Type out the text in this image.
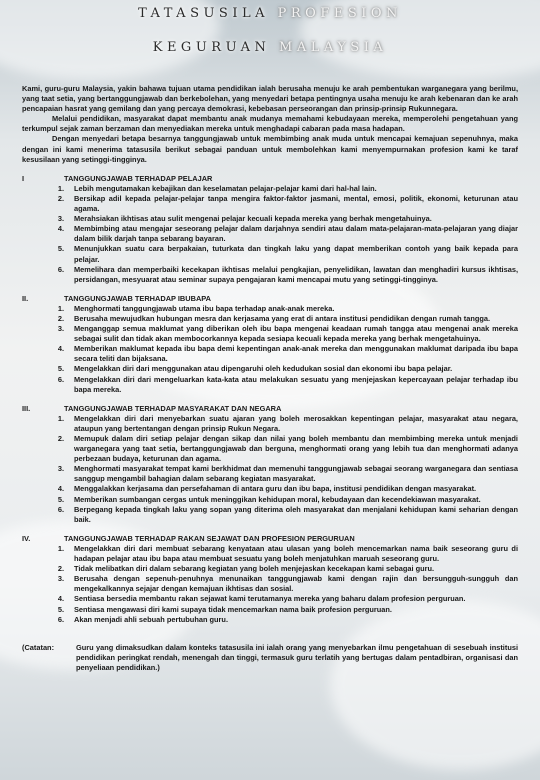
TATASUSILA PROFESION
KEGURUAN MALAYSIA

Kami, guru-guru Malaysia, yakin bahawa tujuan utama pendidikan ialah berusaha menuju ke arah pembentukan warganegara yang berilmu, yang taat setia, yang bertanggungjawab dan berkebolehan, yang menyedari betapa pentingnya usaha menuju ke arah kebenaran dan ke arah pencapaian hasrat yang gemilang dan yang percaya demokrasi, kebebasan perseorangan dan prinsip-prinsip Rukunnegara.

Melalui pendidikan, masyarakat dapat membantu anak mudanya memahami kebudayaan mereka, memperolehi pengetahuan yang terkumpul sejak zaman berzaman dan menyediakan mereka untuk menghadapi cabaran pada masa hadapan.

Dengan menyedari betapa besarnya tanggungjawab untuk membimbing anak muda untuk mencapai kemajuan sepenuhnya, maka dengan ini kami menerima tatasusila berikut sebagai panduan untuk membolehkan kami menyempurnakan profesion kami ke taraf kesusilaan yang setinggi-tingginya.

I	TANGGUNGJAWAB TERHADAP PELAJAR
1.	Lebih mengutamakan kebajikan dan keselamatan pelajar-pelajar kami dari hal-hal lain.
2.	Bersikap adil kepada pelajar-pelajar tanpa mengira faktor-faktor jasmani, mental, emosi, politik, ekonomi, keturunan atau agama.
3.	Merahsiakan ikhtisas atau sulit mengenai pelajar kecuali kepada mereka yang berhak mengetahuinya.
4.	Membimbing atau mengajar seseorang pelajar dalam darjahnya sendiri atau dalam mata-pelajaran-mata-pelajaran yang diajar dalam bilik darjah tanpa sebarang bayaran.
5.	Menunjukkan suatu cara berpakaian, tuturkata dan tingkah laku yang dapat memberikan contoh yang baik kepada para pelajar.
6.	Memelihara dan memperbaiki kecekapan ikhtisas melalui pengkajian, penyelidikan, lawatan dan menghadiri kursus ikhtisas, persidangan, mesyuarat atau seminar supaya pengajaran kami mencapai mutu yang setinggi-tingginya.
II.	TANGGUNGJAWAB TERHADAP IBUBAPA
1.	Menghormati tanggungjawab utama ibu bapa terhadap anak-anak mereka.
2.	Berusaha mewujudkan hubungan mesra dan kerjasama yang erat di antara institusi pendidikan dengan rumah tangga.
3.	Menganggap semua maklumat yang diberikan oleh ibu bapa mengenai keadaan rumah tangga atau mengenai anak mereka sebagai sulit dan tidak akan membocorkannya kepada sesiapa kecuali kepada mereka yang berhak mengetahuinya.
4.	Memberikan maklumat kepada ibu bapa demi kepentingan anak-anak mereka dan menggunakan maklumat daripada ibu bapa secara teliti dan bijaksana.
5.	Mengelakkan diri dari menggunakan atau dipengaruhi oleh kedudukan sosial dan ekonomi ibu bapa pelajar.
6.	Mengelakkan diri dari mengeluarkan kata-kata atau melakukan sesuatu yang menjejaskan kepercayaan pelajar terhadap ibu bapa mereka.
III.	TANGGUNGJAWAB TERHADAP MASYARAKAT DAN NEGARA
1.	Mengelakkan diri dari menyebarkan suatu ajaran yang boleh merosakkan kepentingan pelajar, masyarakat atau negara, ataupun yang bertentangan dengan prinsip Rukun Negara.
2.	Memupuk dalam diri setiap pelajar dengan sikap dan nilai yang boleh membantu dan membimbing mereka untuk menjadi warganegara yang taat setia, bertanggungjawab dan berguna, menghormati orang yang lebih tua dan menghormati adanya perbezaan budaya, keturunan dan agama.
3.	Menghormati masyarakat tempat kami berkhidmat dan memenuhi tanggungjawab sebagai seorang warganegara dan sentiasa sanggup mengambil bahagian dalam sebarang kegiatan masyarakat.
4.	Menggalakkan kerjasama dan persefahaman di antara guru dan ibu bapa, institusi pendidikan dengan masyarakat.
5.	Memberikan sumbangan cergas untuk meninggikan kehidupan moral, kebudayaan dan kecendekiawan masyarakat.
6.	Berpegang kepada tingkah laku yang sopan yang diterima oleh masyarakat dan menjalani kehidupan kami seharian dengan baik.
IV.	TANGGUNGJAWAB TERHADAP RAKAN SEJAWAT DAN PROFESION PERGURUAN
1.	Mengelakkan diri dari membuat sebarang kenyataan atau ulasan yang boleh mencemarkan nama baik seseorang guru di hadapan pelajar atau ibu bapa atau membuat sesuatu yang boleh menjatuhkan maruah seseorang guru.
2.	Tidak melibatkan diri dalam sebarang kegiatan yang boleh menjejaskan kecekapan kami sebagai guru.
3.	Berusaha dengan sepenuh-penuhnya menunaikan tanggungjawab kami dengan rajin dan bersungguh-sungguh dan mengekalkannya sejajar dengan kemajuan ikhtisas dan sosial.
4.	Sentiasa bersedia membantu rakan sejawat kami terutamanya mereka yang baharu dalam profesion perguruan.
5.	Sentiasa mengawasi diri kami supaya tidak mencemarkan nama baik profesion perguruan.
6.	Akan menjadi ahli sebuah pertubuhan guru.
(Catatan:	Guru yang dimaksudkan dalam konteks tatasusila ini ialah orang yang menyebarkan ilmu pengetahuan di sesebuah institusi pendidikan peringkat rendah, menengah dan tinggi, termasuk guru terlatih yang bertugas dalam pentadbiran, organisasi dan penyeliaan pendidikan.)
